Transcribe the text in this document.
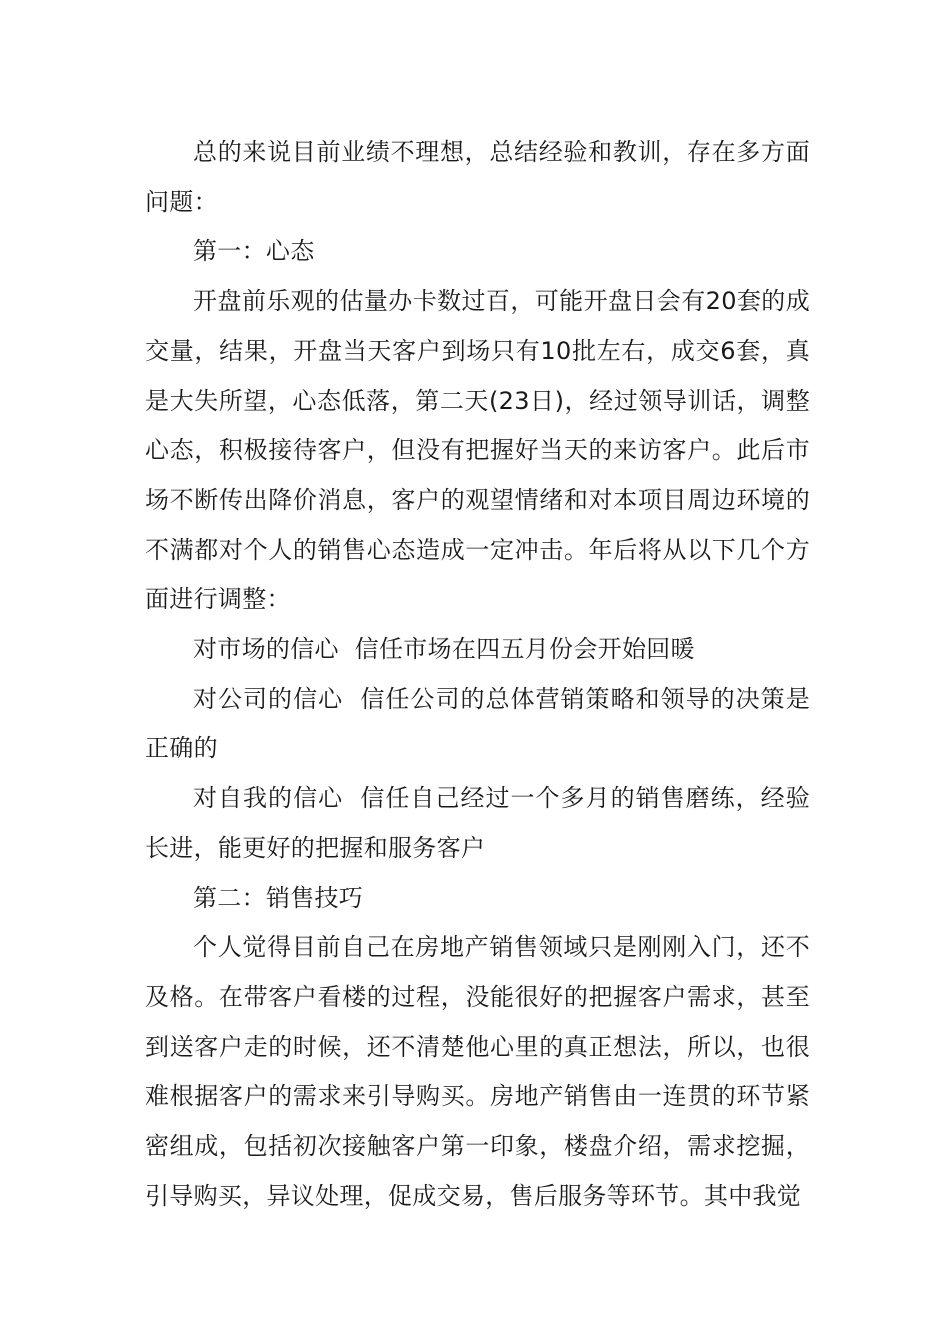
总的来说目前业绩不理想，总结经验和教训，存在多方面问题：

第一：心态

开盘前乐观的估量办卡数过百，可能开盘日会有20套的成交量，结果，开盘当天客户到场只有10批左右，成交6套，真是大失所望，心态低落，第二天(23日)，经过领导训话，调整心态，积极接待客户，但没有把握好当天的来访客户。此后市场不断传出降价消息，客户的观望情绪和对本项目周边环境的不满都对个人的销售心态造成一定冲击。年后将从以下几个方面进行调整：

对市场的信心  信任市场在四五月份会开始回暖

对公司的信心  信任公司的总体营销策略和领导的决策是正确的

对自我的信心  信任自己经过一个多月的销售磨练，经验长进，能更好的把握和服务客户

第二：销售技巧

个人觉得目前自己在房地产销售领域只是刚刚入门，还不及格。在带客户看楼的过程，没能很好的把握客户需求，甚至到送客户走的时候，还不清楚他心里的真正想法，所以，也很难根据客户的需求来引导购买。房地产销售由一连贯的环节紧密组成，包括初次接触客户第一印象，楼盘介绍，需求挖掘，引导购买，异议处理，促成交易，售后服务等环节。其中我觉
